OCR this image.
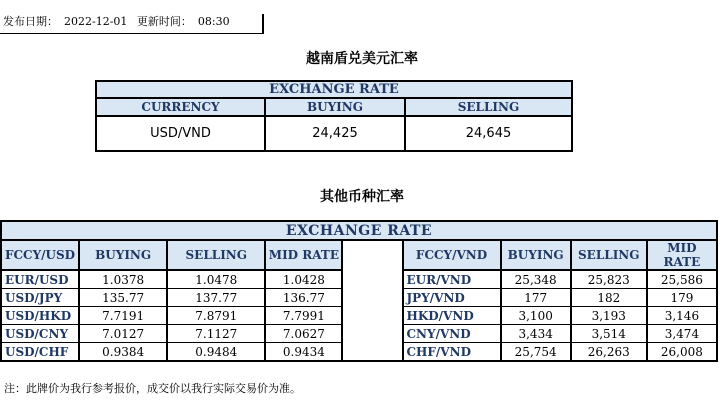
发布日期： 2022-12-01 更新时间： 08:30
越南盾兑美元汇率
EXCHANGE RATE		
CURRENCY	BUYING	SELLING
USD/VND	24,425	24,645
其他币种汇率
EXCHANGE RATE								
FCCY/USD	BUYING	SELLING	MID RATE		FCCY/VND	BUYING	SELLING	MID RATE
EUR/USD	1.0378	1.0478	1.0428		EUR/VND	25,348	25,823	25,586
USD/JPY	135.77	137.77	136.77		JPY/VND	177	182	179
USD/HKD	7.7191	7.8791	7.7991		HKD/VND	3,100	3,193	3,146
USD/CNY	7.0127	7.1127	7.0627		CNY/VND	3,434	3,514	3,474
USD/CHF	0.9384	0.9484	0.9434		CHF/VND	25,754	26,263	26,008
注：此牌价为我行参考报价，成交价以我行实际交易价为准。
